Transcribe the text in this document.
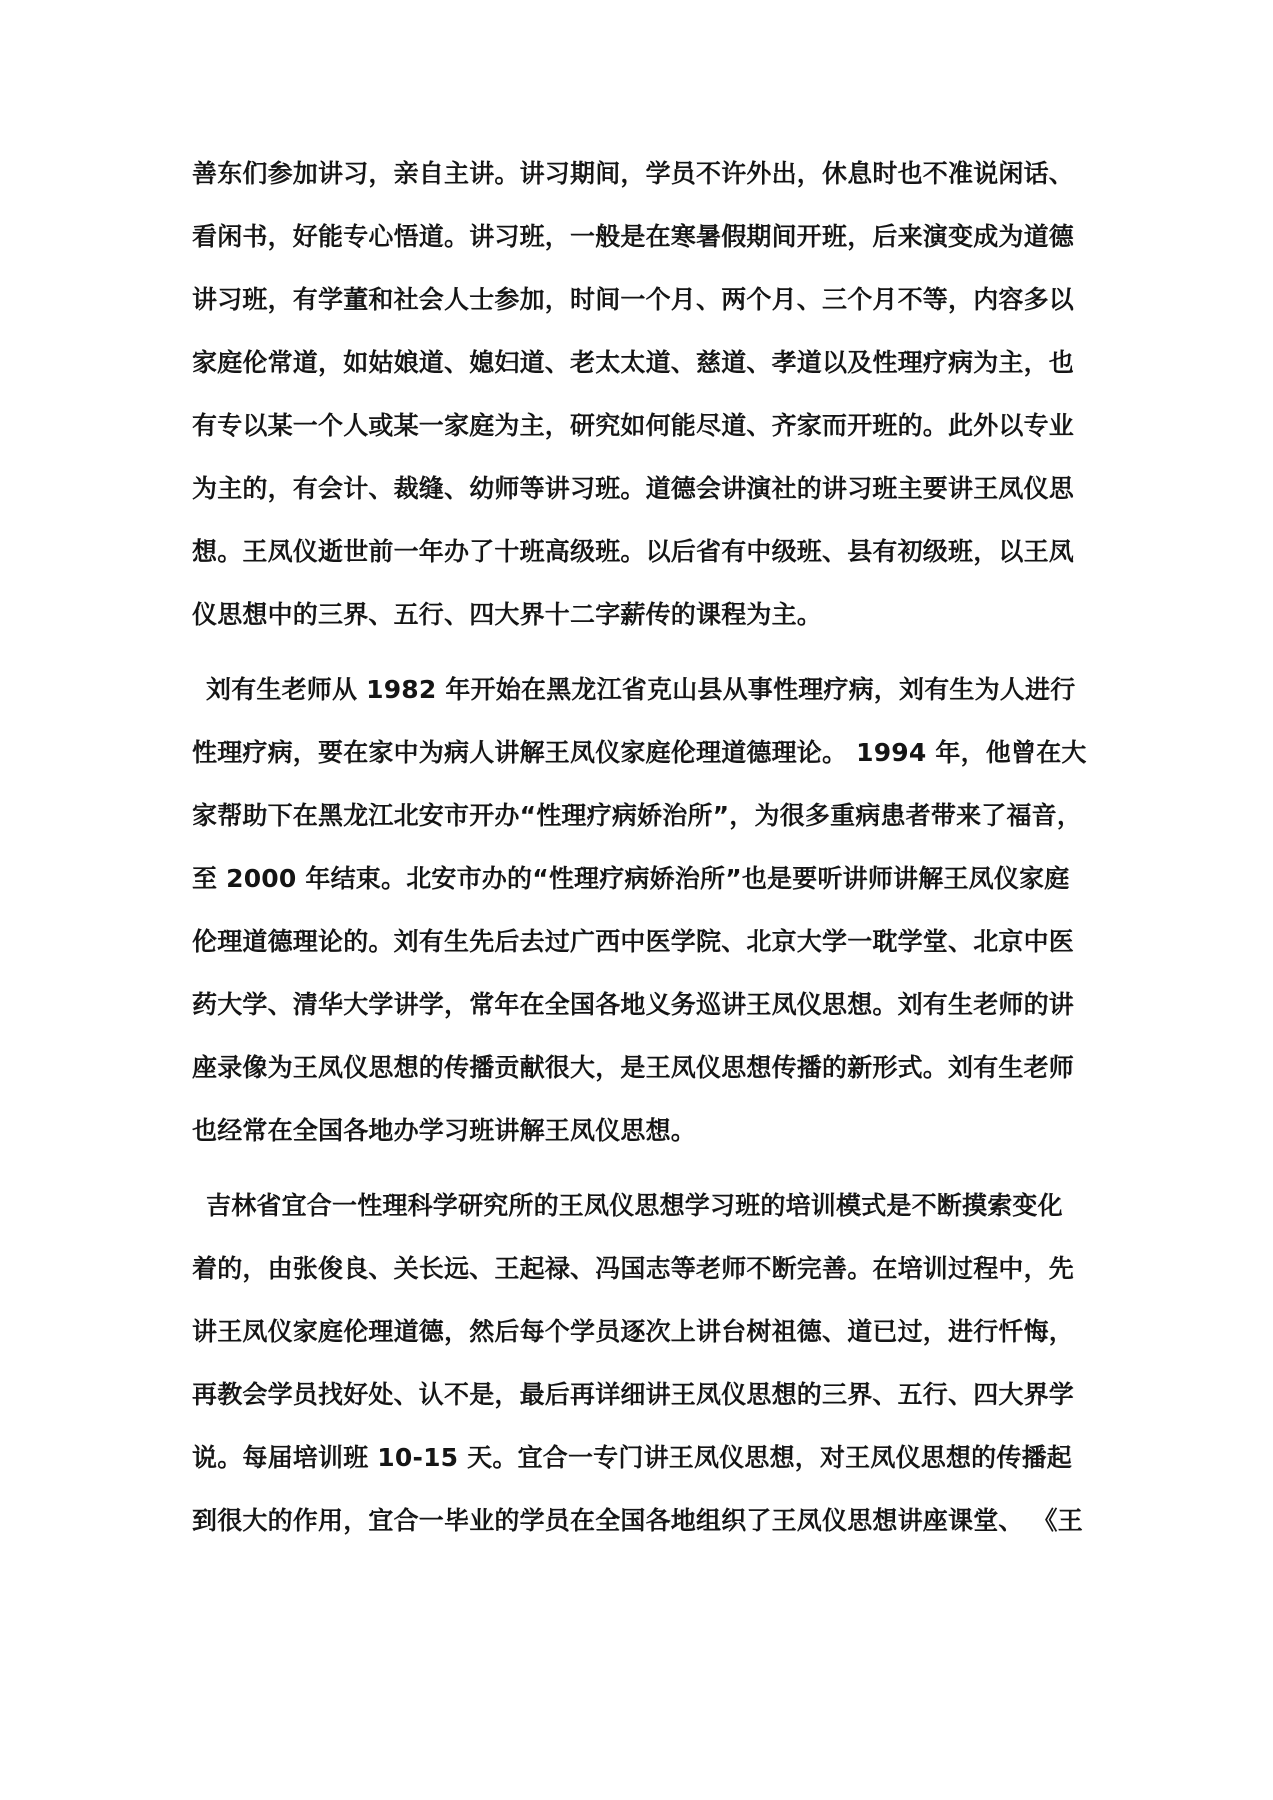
善东们参加讲习，亲自主讲。讲习期间，学员不许外出，休息时也不准说闲话、
看闲书，好能专心悟道。讲习班，一般是在寒暑假期间开班，后来演变成为道德
讲习班，有学董和社会人士参加，时间一个月、两个月、三个月不等，内容多以
家庭伦常道，如姑娘道、媳妇道、老太太道、慈道、孝道以及性理疗病为主，也
有专以某一个人或某一家庭为主，研究如何能尽道、齐家而开班的。此外以专业
为主的，有会计、裁缝、幼师等讲习班。道德会讲演社的讲习班主要讲王凤仪思
想。王凤仪逝世前一年办了十班高级班。以后省有中级班、县有初级班，以王凤
仪思想中的三界、五行、四大界十二字薪传的课程为主。
刘有生老师从 1982 年开始在黑龙江省克山县从事性理疗病，刘有生为人进行
性理疗病，要在家中为病人讲解王凤仪家庭伦理道德理论。 1994 年，他曾在大
家帮助下在黑龙江北安市开办“性理疗病娇治所”，为很多重病患者带来了福音，
至 2000 年结束。北安市办的“性理疗病娇治所”也是要听讲师讲解王凤仪家庭
伦理道德理论的。刘有生先后去过广西中医学院、北京大学一耽学堂、北京中医
药大学、清华大学讲学，常年在全国各地义务巡讲王凤仪思想。刘有生老师的讲
座录像为王凤仪思想的传播贡献很大，是王凤仪思想传播的新形式。刘有生老师
也经常在全国各地办学习班讲解王凤仪思想。
吉林省宜合一性理科学研究所的王凤仪思想学习班的培训模式是不断摸索变化
着的，由张俊良、关长远、王起禄、冯国志等老师不断完善。在培训过程中，先
讲王凤仪家庭伦理道德，然后每个学员逐次上讲台树祖德、道已过，进行忏悔，
再教会学员找好处、认不是，最后再详细讲王凤仪思想的三界、五行、四大界学
说。每届培训班 10-15 天。宜合一专门讲王凤仪思想，对王凤仪思想的传播起
到很大的作用，宜合一毕业的学员在全国各地组织了王凤仪思想讲座课堂、 《王
